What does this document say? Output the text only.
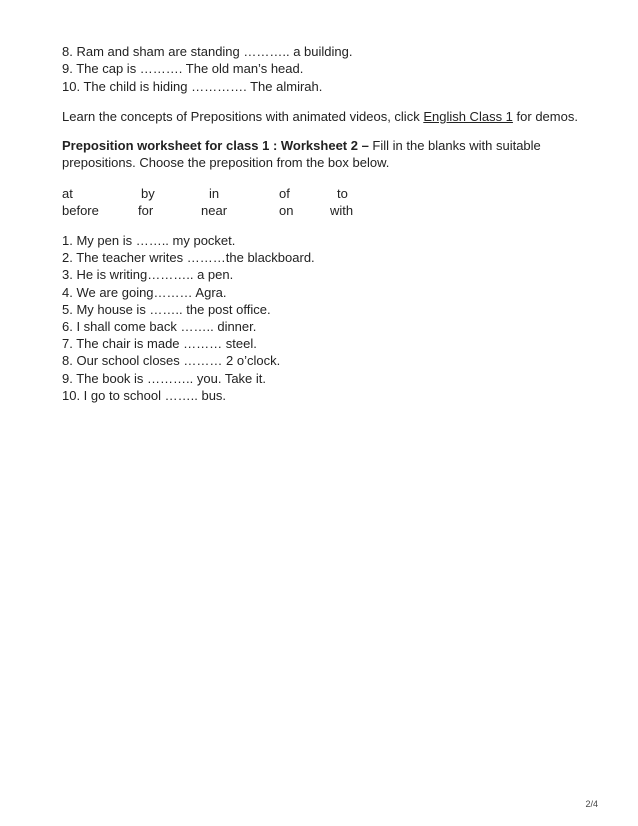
8. Ram and sham are standing ……….. a building.
9. The cap is ………. The old man’s head.
10. The child is hiding …………. The almirah.
Learn the concepts of Prepositions with animated videos, click English Class 1 for demos.
Preposition worksheet for class 1 : Worksheet 2 – Fill in the blanks with suitable prepositions. Choose the preposition from the box below.
at	by	in	of	to
before	for	near	on	with
1. My pen is …….. my pocket.
2. The teacher writes ………the blackboard.
3. He is writing……….. a pen.
4. We are going……… Agra.
5. My house is …….. the post office.
6. I shall come back …….. dinner.
7. The chair is made ……… steel.
8. Our school closes ……… 2 o’clock.
9. The book is ……….. you. Take it.
10. I go to school …….. bus.
2/4
